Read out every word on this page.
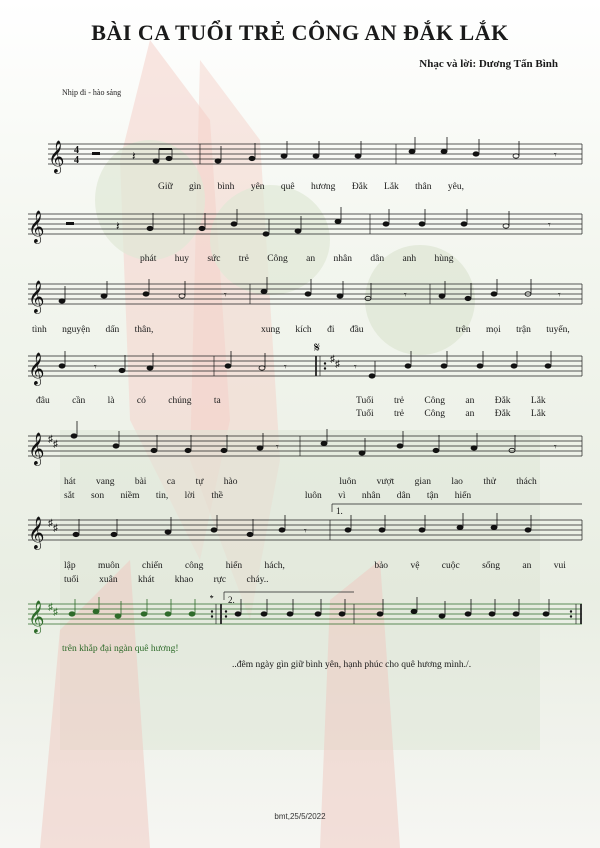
BÀI CA TUỔI TRẺ CÔNG AN ĐẮK LẮK
Nhạc và lời: Dương Tấn Bình
Nhịp đi - hào sảng
𝄞 4
4	𝄽	𝄾
Giữ gìn bình yên quê hương Đắk Lắk thân yêu,
𝄞	𝄽	𝄾
phát huy sức trẻ Công an nhân dân anh hùng
𝄞	𝄾	𝄾	𝄾
tình nguyện dấn thân,	xung kích đi đầu	trên mọi trận tuyến,
𝄞
𝄋
♯ ♯
𝄾	𝄾	𝄾
đâu cần là có chúng ta	Tuổi trẻ Công an Đắk Lắk
Tuổi trẻ Công an Đắk Lắk
𝄞 ♯ ♯	𝄾	𝄾
hát vang bài ca tự hào	luôn vượt gian lao thử thách
sắt son niềm tin, lời thề	luôn vì nhân dân tận hiến
1.
𝄞 ♯ ♯	𝄾
lập muôn chiến công hiển hách,	bảo vệ cuộc sống an vui
tuổi xuân khát khao rực cháy..
2.
𝄌
𝄞 ♯ ♯
trên khắp đại ngàn quê hương!
..đêm ngày gìn giữ bình yên, hạnh phúc cho quê hương mình./.
bmt,25/5/2022
